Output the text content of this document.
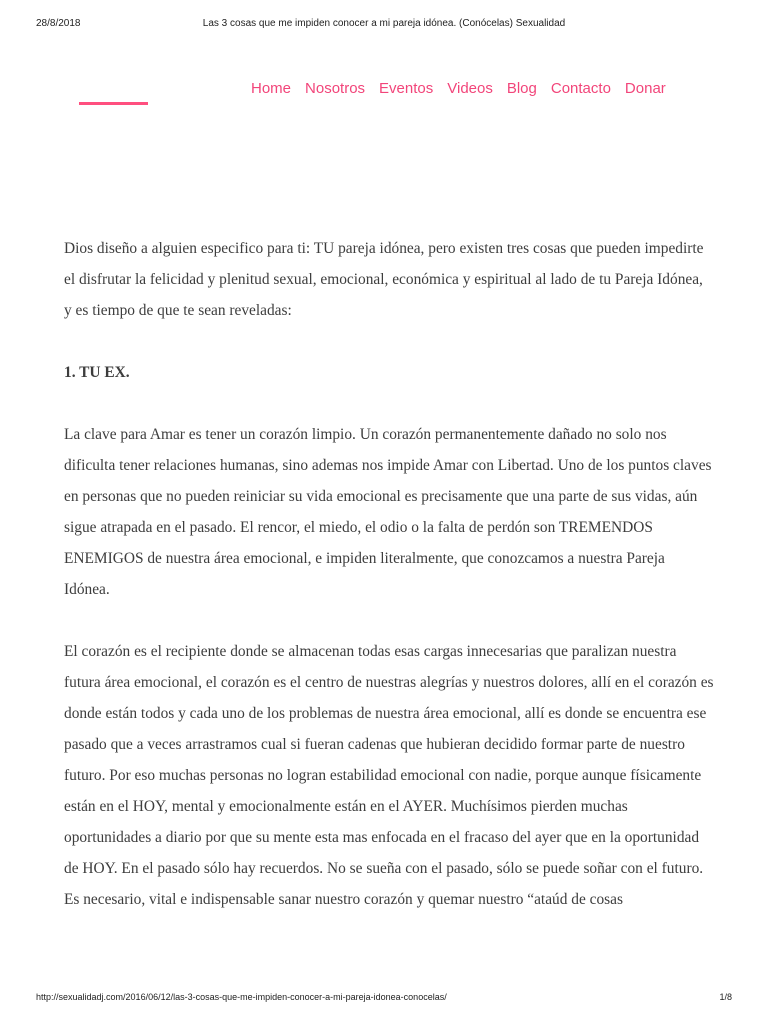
28/8/2018	Las 3 cosas que me impiden conocer a mi pareja idónea. (Conócelas) Sexualidad
Home Nosotros Eventos Videos Blog Contacto Donar

Dios diseño a alguien especifico para ti: TU pareja idónea, pero existen tres cosas que pueden impedirte el disfrutar la felicidad y plenitud sexual, emocional, económica y espiritual al lado de tu Pareja Idónea, y es tiempo de que te sean reveladas:

1. TU EX.

La clave para Amar es tener un corazón limpio. Un corazón permanentemente dañado no solo nos dificulta tener relaciones humanas, sino ademas nos impide Amar con Libertad. Uno de los puntos claves en personas que no pueden reiniciar su vida emocional es precisamente que una parte de sus vidas, aún sigue atrapada en el pasado. El rencor, el miedo, el odio o la falta de perdón son TREMENDOS ENEMIGOS de nuestra área emocional, e impiden literalmente, que conozcamos a nuestra Pareja Idónea.

El corazón es el recipiente donde se almacenan todas esas cargas innecesarias que paralizan nuestra futura área emocional, el corazón es el centro de nuestras alegrías y nuestros dolores, allí en el corazón es donde están todos y cada uno de los problemas de nuestra área emocional, allí es donde se encuentra ese pasado que a veces arrastramos cual si fueran cadenas que hubieran decidido formar parte de nuestro futuro. Por eso muchas personas no logran estabilidad emocional con nadie, porque aunque físicamente están en el HOY, mental y emocionalmente están en el AYER. Muchísimos pierden muchas oportunidades a diario por que su mente esta mas enfocada en el fracaso del ayer que en la oportunidad de HOY. En el pasado sólo hay recuerdos. No se sueña con el pasado, sólo se puede soñar con el futuro. Es necesario, vital e indispensable sanar nuestro corazón y quemar nuestro “ataúd de cosas

http://sexualidadj.com/2016/06/12/las-3-cosas-que-me-impiden-conocer-a-mi-pareja-idonea-conocelas/	1/8
